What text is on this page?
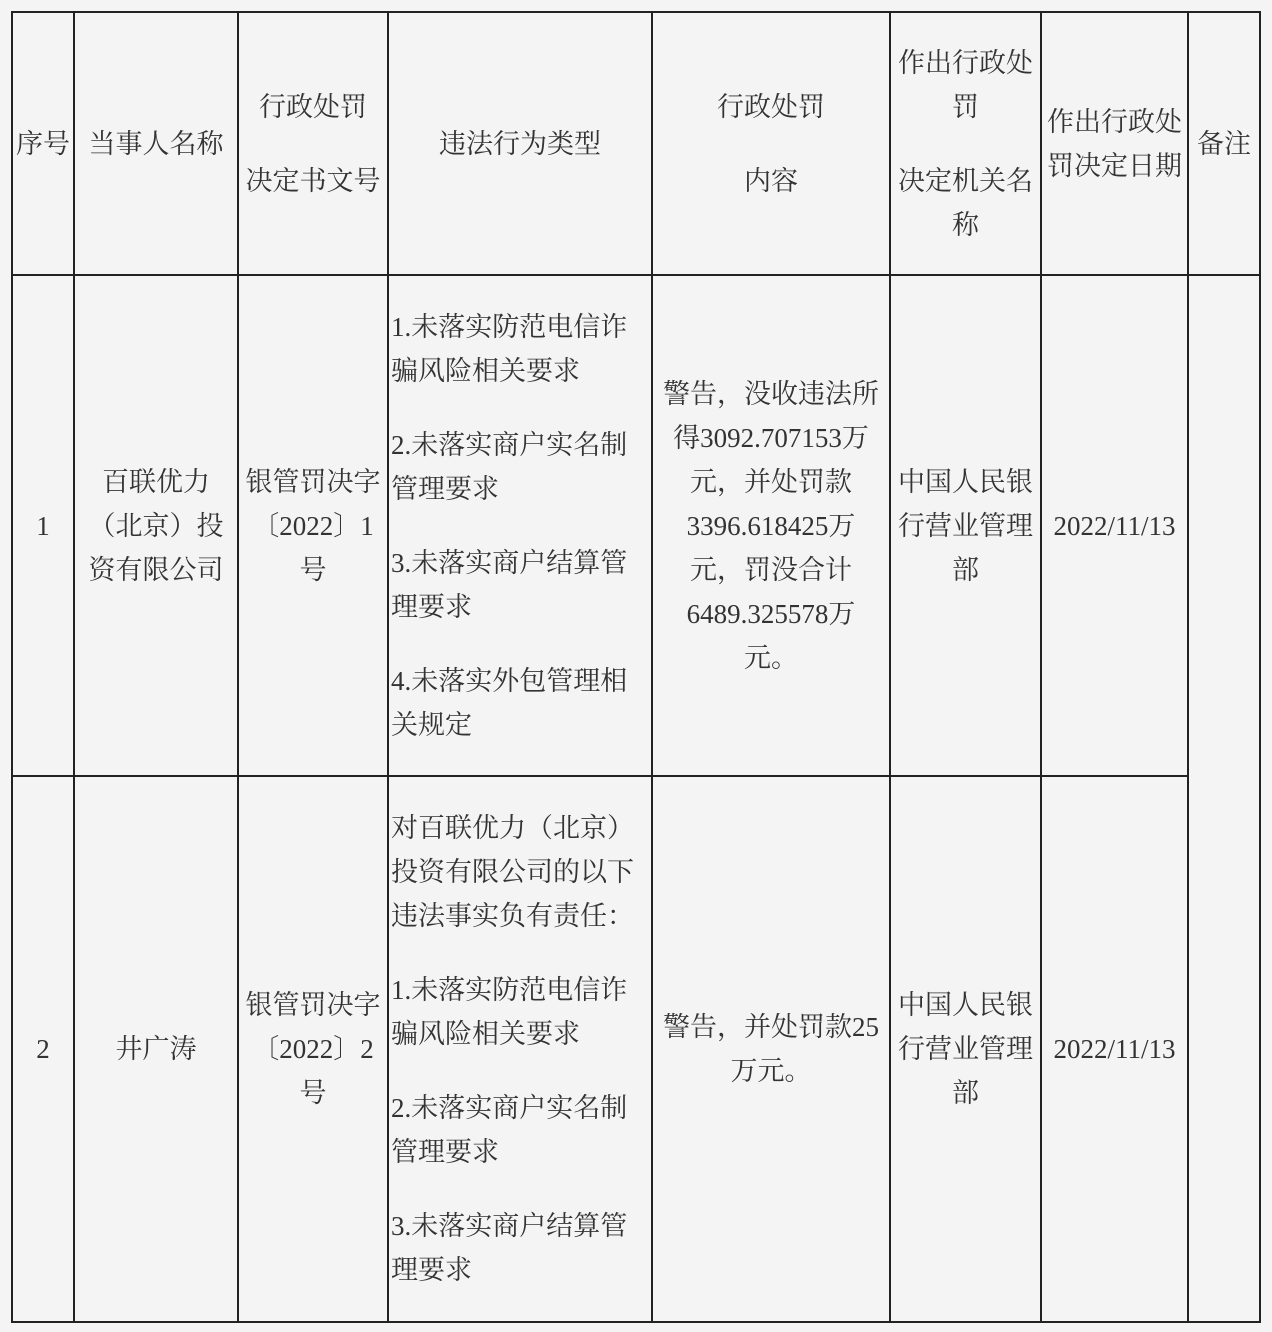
序号 当事人名称

行政处罚

决定书文号

违法行为类型

行政处罚

内容

作出行政处罚

决定机关名称

作出行政处罚决定日期

备注

1

百联优力（北京）投资有限公司

银管罚决字〔2022〕1号

1.未落实防范电信诈骗风险相关要求

2.未落实商户实名制管理要求

3.未落实商户结算管理要求

4.未落实外包管理相关规定

警告，没收违法所得3092.707153万元，并处罚款3396.618425万元，罚没合计6489.325578万元。

中国人民银行营业管理部

2022/11/13

2	井广涛

银管罚决字〔2022〕2号

对百联优力（北京）投资有限公司的以下违法事实负有责任：

1.未落实防范电信诈骗风险相关要求

2.未落实商户实名制管理要求

3.未落实商户结算管理要求

警告，并处罚款25万元。

中国人民银行营业管理部

2022/11/13
